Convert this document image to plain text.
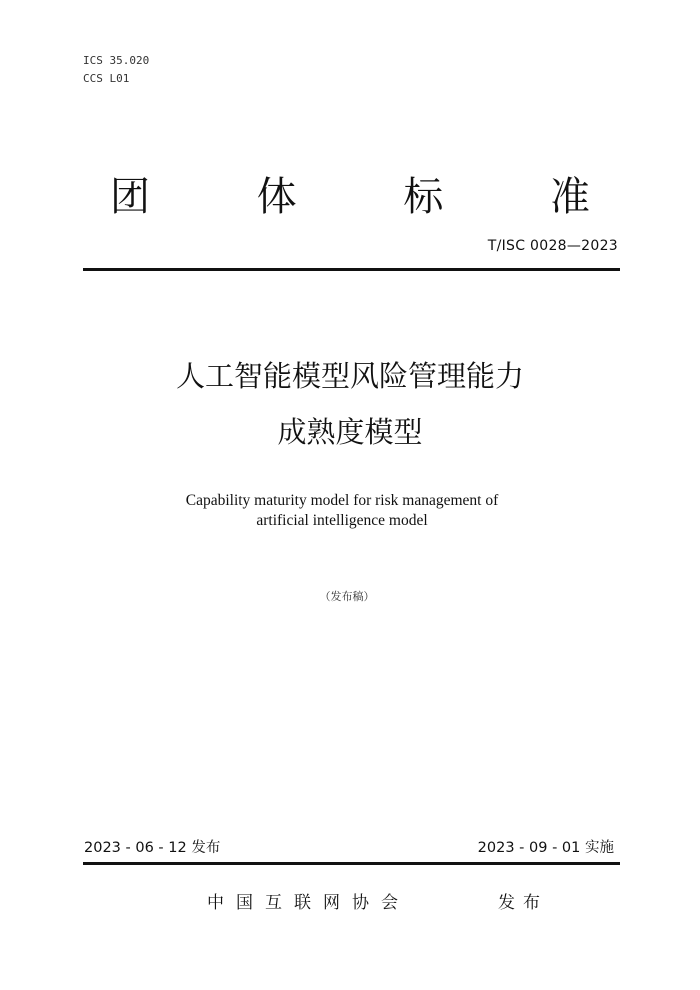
ICS 35.020
CCS L01
团	体	标	准
T/ISC 0028—2023
人工智能模型风险管理能力
成熟度模型
Capability maturity model for risk management of
artificial intelligence model
（发布稿）
2023 - 06 - 12 发布	2023 - 09 - 01 实施
中国互联网协会	发布
